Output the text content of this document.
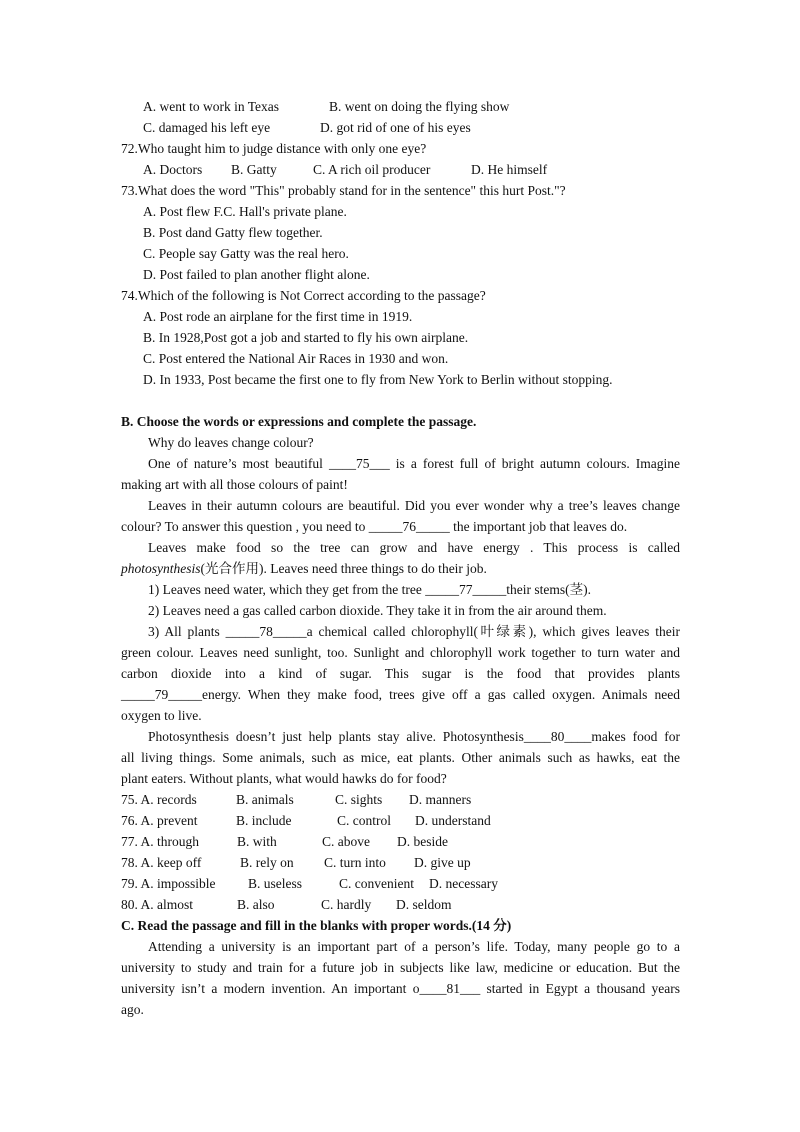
A. went to work in Texas	B. went on doing the flying show
C. damaged his left eye	D. got rid of one of his eyes
72.Who taught him to judge distance with only one eye?
A. Doctors	B. Gatty	C. A rich oil producer	D. He himself
73.What does the word "This" probably stand for in the sentence" this hurt Post."?
A. Post flew F.C. Hall's private plane.
B. Post dand Gatty flew together.
C. People say Gatty was the real hero.
D. Post failed to plan another flight alone.
74.Which of the following is Not Correct according to the passage?
A. Post rode an airplane for the first time in 1919.
B. In 1928,Post got a job and started to fly his own airplane.
C. Post entered the National Air Races in 1930 and won.
D. In 1933, Post became the first one to fly from New York to Berlin without stopping.
B. Choose the words or expressions and complete the passage.
Why do leaves change colour?
One of nature’s most beautiful ____75___ is a forest full of bright autumn colours. Imagine
making art with all those colours of paint!
Leaves in their autumn colours are beautiful. Did you ever wonder why a tree’s leaves change
colour? To answer this question , you need to _____76_____ the important job that leaves do.
Leaves make food so the tree can grow and have energy . This process is called
photosynthesis(光合作用). Leaves need three things to do their job.
1) Leaves need water, which they get from the tree _____77_____their stems(茎).
2) Leaves need a gas called carbon dioxide. They take it in from the air around them.
3) All plants _____78_____a chemical called chlorophyll(叶绿素), which gives leaves their
green colour. Leaves need sunlight, too. Sunlight and chlorophyll work together to turn water and
carbon dioxide into a kind of sugar. This sugar is the food that provides plants
_____79_____energy. When they make food, trees give off a gas called oxygen. Animals need
oxygen to live.
Photosynthesis doesn’t just help plants stay alive. Photosynthesis____80____makes food for
all living things. Some animals, such as mice, eat plants. Other animals such as hawks, eat the
plant eaters. Without plants, what would hawks do for food?
75. A. records	B. animals	C. sights	D. manners
76. A. prevent	B. include	C. control	D. understand
77. A. through	B. with	C. above	D. beside
78. A. keep off	B. rely on	C. turn into	D. give up
79. A. impossible	B. useless	C. convenient	D. necessary
80. A. almost	B. also	C. hardly	D. seldom
C. Read the passage and fill in the blanks with proper words.(14 分)
Attending a university is an important part of a person’s life. Today, many people go to a
university to study and train for a future job in subjects like law, medicine or education. But the
university isn’t a modern invention. An important o____81___ started in Egypt a thousand years
ago.
